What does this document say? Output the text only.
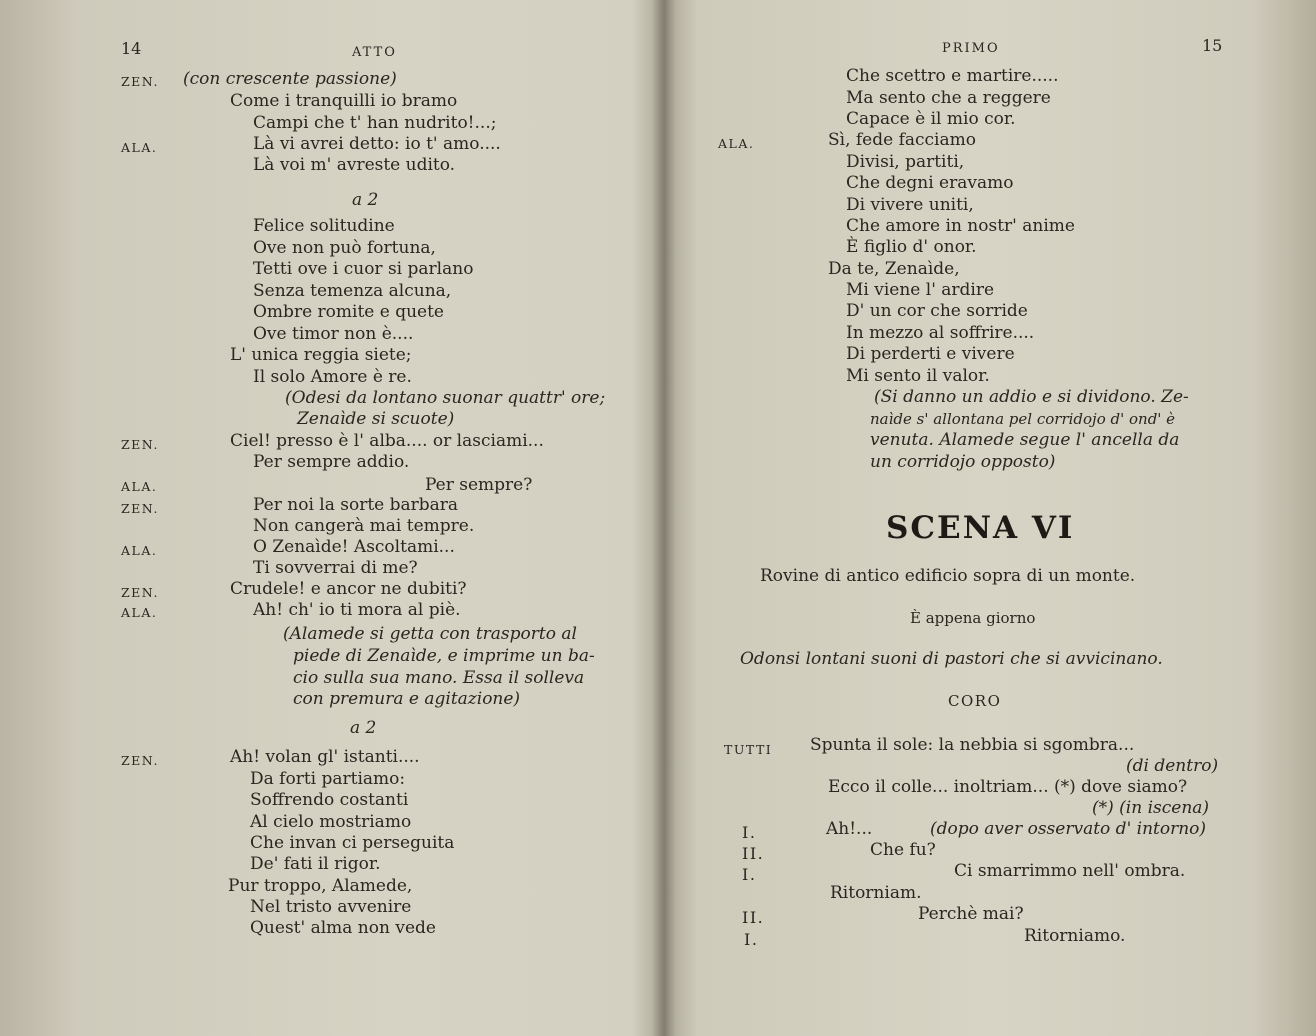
14	ATTO
ZEN. (con crescente passione)
Come i tranquilli io bramo
Campi che t' han nudrito!...;
ALA.	Là vi avrei detto: io t' amo....
Là voi m' avreste udito.
a 2
Felice solitudine
Ove non può fortuna,
Tetti ove i cuor si parlano
Senza temenza alcuna,
Ombre romite e quete
Ove timor non è....
L' unica reggia siete;
Il solo Amore è re.
(Odesi da lontano suonar quattr' ore;
Zenaìde si scuote)
ZEN.	Ciel! presso è l' alba.... or lasciami...
Per sempre addio.
ALA.	Per sempre?
ZEN.	Per noi la sorte barbara
Non cangerà mai tempre.
ALA.	O Zenaìde! Ascoltami...
Ti sovverrai di me?
ZEN.	Crudele! e ancor ne dubiti?
ALA.	Ah! ch' io ti mora al piè.
(Alamede si getta con trasporto al
piede di Zenaìde, e imprime un ba-
cio sulla sua mano. Essa il solleva
con premura e agitazione)
a 2
ZEN.	Ah! volan gl' istanti....
Da forti partiamo:
Soffrendo costanti
Al cielo mostriamo
Che invan ci perseguita
De' fati il rigor.
Pur troppo, Alamede,
Nel tristo avvenire
Quest' alma non vede
PRIMO	15
Che scettro e martire.....
Ma sento che a reggere
Capace è il mio cor.
ALA.	Sì, fede facciamo
Divisi, partiti,
Che degni eravamo
Di vivere uniti,
Che amore in nostr' anime
È figlio d' onor.
Da te, Zenaìde,
Mi viene l' ardire
D' un cor che sorride
In mezzo al soffrire....
Di perderti e vivere
Mi sento il valor.
(Si danno un addio e si dividono. Ze-
naìde s' allontana pel corridojo d' ond' è
venuta. Alamede segue l' ancella da
un corridojo opposto)
SCENA VI
Rovine di antico edificio sopra di un monte.
È appena giorno
Odonsi lontani suoni di pastori che si avvicinano.
CORO
TUTTI Spunta il sole: la nebbia si sgombra...
(di dentro)
Ecco il colle... inoltriam... (*) dove siamo?
(*) (in iscena)
I.	Ah!...	(dopo aver osservato d' intorno)
II.	Che fu?
I.	Ci smarrimmo nell' ombra.
Ritorniam.
II.	Perchè mai?
I.	Ritorniamo.
